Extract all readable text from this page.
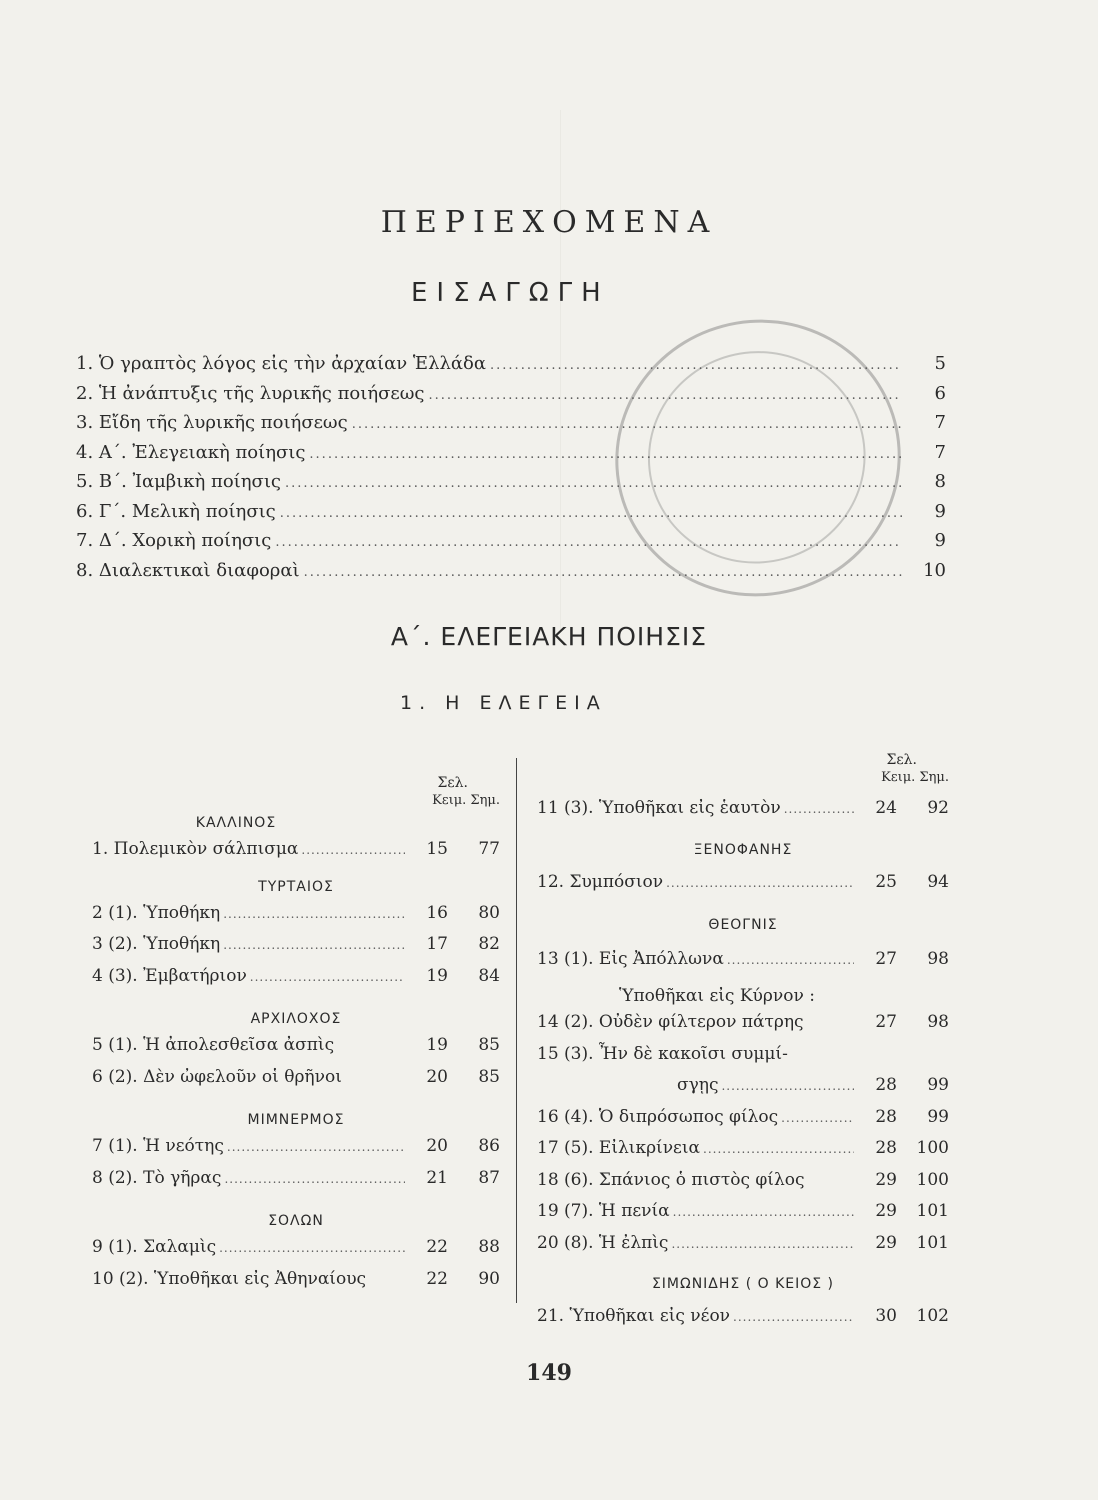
ΠΕΡΙΕΧΟΜΕΝΑ
ΕΙΣΑΓΩΓΗ
1. Ὁ γραπτὸς λόγος εἰς τὴν ἀρχαίαν Ἑλλάδα .....	5
2. Ἡ ἀνάπτυξις τῆς λυρικῆς ποιήσεως .....	6
3. Εἴδη τῆς λυρικῆς ποιήσεως .....	7
4. Α΄. Ἐλεγειακὴ ποίησις .....	7
5. Β΄. Ἰαμβικὴ ποίησις .....	8
6. Γ΄. Μελικὴ ποίησις .....	9
7. Δ΄. Χορικὴ ποίησις .....	9
8. Διαλεκτικαὶ διαφοραὶ .....	10
Α΄. ΕΛΕΓΕΙΑΚΗ ΠΟΙΗΣΙΣ
1. Η ΕΛΕΓΕΙΑ
Σελ.
Κειμ. Σημ.
ΚΑΛΛΙΝΟΣ
1. Πολεμικὸν σάλπισμα .....	15	77
ΤΥΡΤΑΙΟΣ
2 (1). Ὑποθήκη .....	16	80
3 (2). Ὑποθήκη .....	17	82
4 (3). Ἐμβατήριον .....	19	84
ΑΡΧΙΛΟΧΟΣ
5 (1). Ἡ ἀπολεσθεῖσα ἀσπὶς	19	85
6 (2). Δὲν ὠφελοῦν οἱ θρῆνοι	20	85
ΜΙΜΝΕΡΜΟΣ
7 (1). Ἡ νεότης .....	20	86
8 (2). Τὸ γῆρας .....	21	87
ΣΟΛΩΝ
9 (1). Σαλαμὶς .....	22	88
10 (2). Ὑποθῆκαι εἰς Ἀθηναίους	22	90
Σελ.
Κειμ. Σημ.
11 (3). Ὑποθῆκαι εἰς ἑαυτὸν .....	24	92
ΞΕΝΟΦΑΝΗΣ
12. Συμπόσιον .....	25	94
ΘΕΟΓΝΙΣ
13 (1). Εἰς Ἀπόλλωνα .....	27	98
Ὑποθῆκαι εἰς Κύρνον :
14 (2). Οὐδὲν φίλτερον πάτρης	27	98
15 (3). Ἦν δὲ κακοῖσι συμμί-
σγῃς .....	28	99
16 (4). Ὁ διπρόσωπος φίλος .....	28	99
17 (5). Εἰλικρίνεια .....	28	100
18 (6). Σπάνιος ὁ πιστὸς φίλος	29	100
19 (7). Ἡ πενία .....	29	101
20 (8). Ἡ ἐλπὶς .....	29	101
ΣΙΜΩΝΙΔΗΣ ( Ο ΚΕΙΟΣ )
21. Ὑποθῆκαι εἰς νέον .....	30	102
149
